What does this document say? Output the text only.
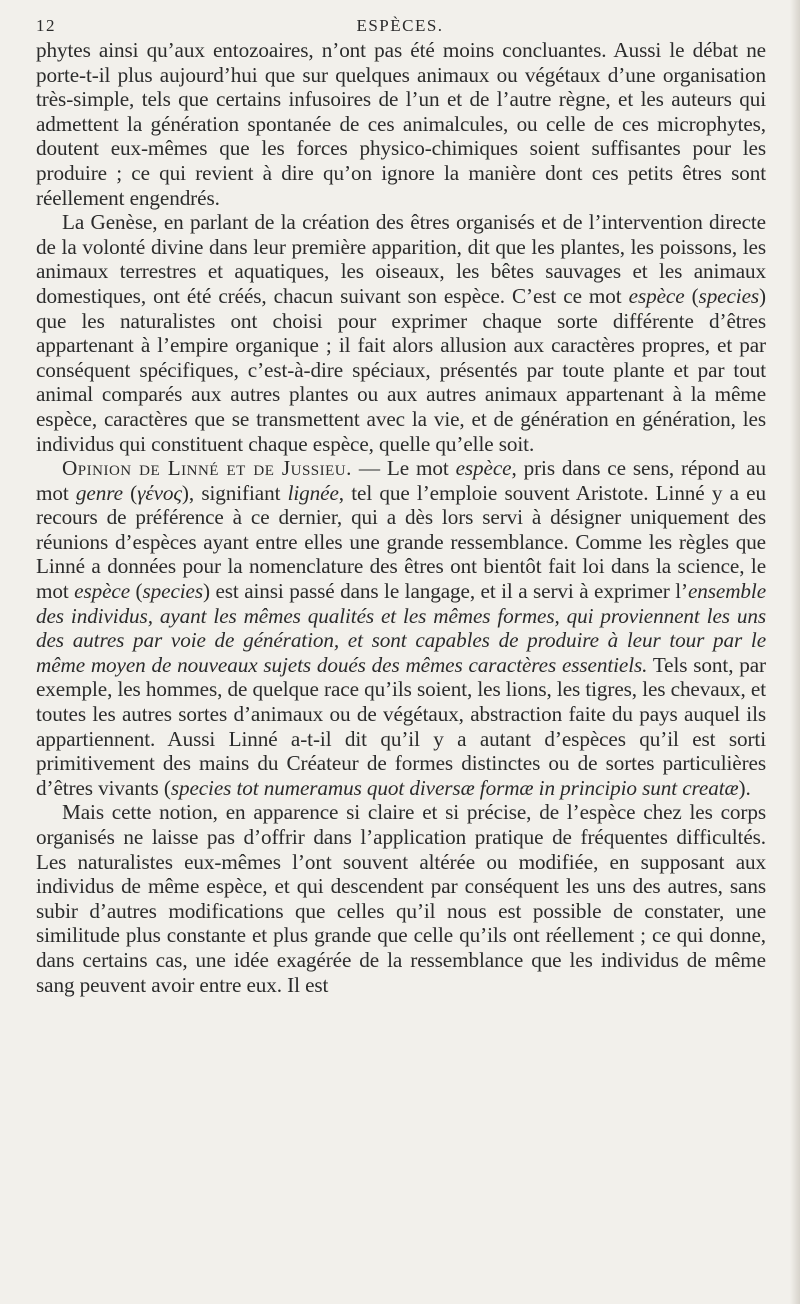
12	ESPÈCES.

phytes ainsi qu’aux entozoaires, n’ont pas été moins concluantes. Aussi le débat ne porte-t-il plus aujourd’hui que sur quelques animaux ou végétaux d’une organisation très-simple, tels que certains infusoires de l’un et de l’autre règne, et les auteurs qui admettent la génération spontanée de ces animalcules, ou celle de ces microphytes, doutent eux-mêmes que les forces physico-chimiques soient suffisantes pour les produire ; ce qui revient à dire qu’on ignore la manière dont ces petits êtres sont réellement engendrés.

La Genèse, en parlant de la création des êtres organisés et de l’intervention directe de la volonté divine dans leur première apparition, dit que les plantes, les poissons, les animaux terrestres et aquatiques, les oiseaux, les bêtes sauvages et les animaux domestiques, ont été créés, chacun suivant son espèce. C’est ce mot espèce (species) que les naturalistes ont choisi pour exprimer chaque sorte différente d’êtres appartenant à l’empire organique ; il fait alors allusion aux caractères propres, et par conséquent spécifiques, c’est-à-dire spéciaux, présentés par toute plante et par tout animal comparés aux autres plantes ou aux autres animaux appartenant à la même espèce, caractères que se transmettent avec la vie, et de génération en génération, les individus qui constituent chaque espèce, quelle qu’elle soit.

Opinion de Linné et de Jussieu. — Le mot espèce, pris dans ce sens, répond au mot genre (γένος), signifiant lignée, tel que l’emploie souvent Aristote. Linné y a eu recours de préférence à ce dernier, qui a dès lors servi à désigner uniquement des réunions d’espèces ayant entre elles une grande ressemblance. Comme les règles que Linné a données pour la nomenclature des êtres ont bientôt fait loi dans la science, le mot espèce (species) est ainsi passé dans le langage, et il a servi à exprimer l’ensemble des individus, ayant les mêmes qualités et les mêmes formes, qui proviennent les uns des autres par voie de génération, et sont capables de produire à leur tour par le même moyen de nouveaux sujets doués des mêmes caractères essentiels. Tels sont, par exemple, les hommes, de quelque race qu’ils soient, les lions, les tigres, les chevaux, et toutes les autres sortes d’animaux ou de végétaux, abstraction faite du pays auquel ils appartiennent. Aussi Linné a-t-il dit qu’il y a autant d’espèces qu’il est sorti primitivement des mains du Créateur de formes distinctes ou de sortes particulières d’êtres vivants (species tot numeramus quot diversæ formæ in principio sunt creatæ).

Mais cette notion, en apparence si claire et si précise, de l’espèce chez les corps organisés ne laisse pas d’offrir dans l’application pratique de fréquentes difficultés. Les naturalistes eux-mêmes l’ont souvent altérée ou modifiée, en supposant aux individus de même espèce, et qui descendent par conséquent les uns des autres, sans subir d’autres modifications que celles qu’il nous est possible de constater, une similitude plus constante et plus grande que celle qu’ils ont réellement ; ce qui donne, dans certains cas, une idée exagérée de la ressemblance que les individus de même sang peuvent avoir entre eux. Il est
